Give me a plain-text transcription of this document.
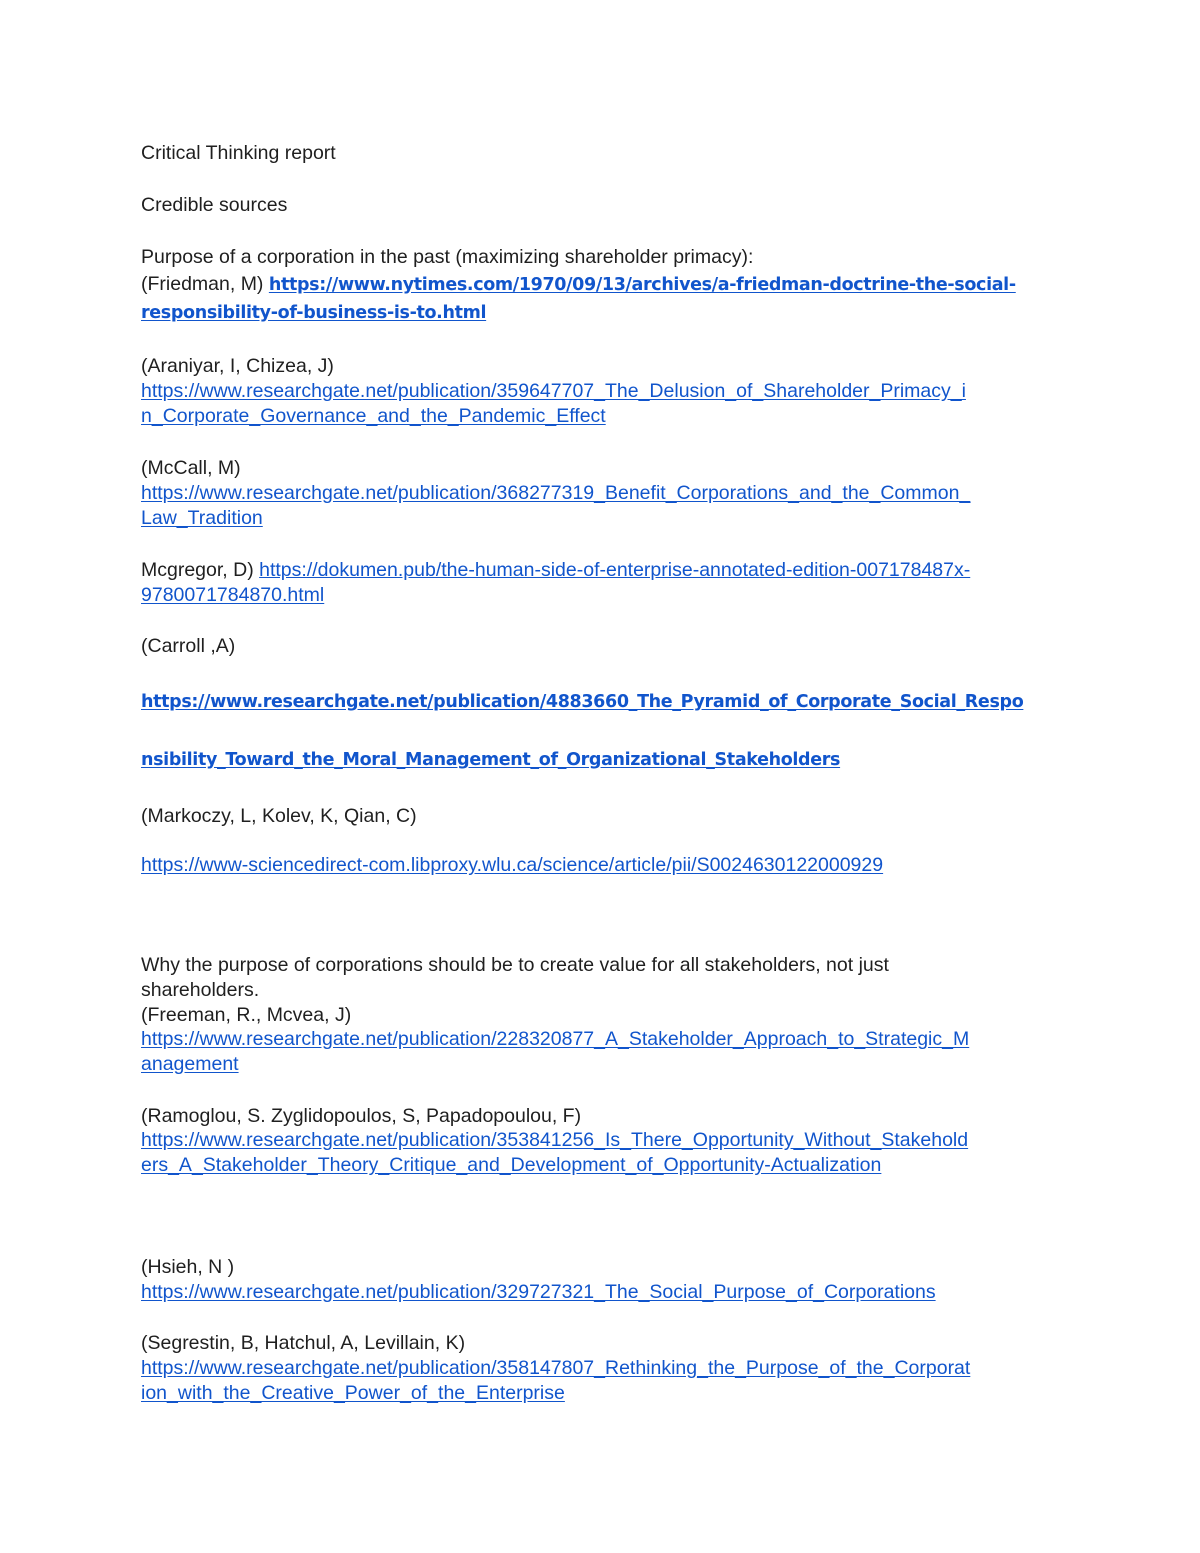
Critical Thinking report
Credible sources
Purpose of a corporation in the past (maximizing shareholder primacy):
(Friedman, M) https://www.nytimes.com/1970/09/13/archives/a-friedman-doctrine-the-social-
responsibility-of-business-is-to.html
(Araniyar, I, Chizea, J)
https://www.researchgate.net/publication/359647707_The_Delusion_of_Shareholder_Primacy_i
n_Corporate_Governance_and_the_Pandemic_Effect
(McCall, M)
https://www.researchgate.net/publication/368277319_Benefit_Corporations_and_the_Common_
Law_Tradition
Mcgregor, D) https://dokumen.pub/the-human-side-of-enterprise-annotated-edition-007178487x-
9780071784870.html
(Carroll ,A)
https://www.researchgate.net/publication/4883660_The_Pyramid_of_Corporate_Social_Respo
nsibility_Toward_the_Moral_Management_of_Organizational_Stakeholders
(Markoczy, L, Kolev, K, Qian, C)
https://www-sciencedirect-com.libproxy.wlu.ca/science/article/pii/S0024630122000929
Why the purpose of corporations should be to create value for all stakeholders, not just
shareholders.
(Freeman, R., Mcvea, J)
https://www.researchgate.net/publication/228320877_A_Stakeholder_Approach_to_Strategic_M
anagement
(Ramoglou, S. Zyglidopoulos, S, Papadopoulou, F)
https://www.researchgate.net/publication/353841256_Is_There_Opportunity_Without_Stakehold
ers_A_Stakeholder_Theory_Critique_and_Development_of_Opportunity-Actualization
(Hsieh, N )
https://www.researchgate.net/publication/329727321_The_Social_Purpose_of_Corporations
(Segrestin, B, Hatchul, A, Levillain, K)
https://www.researchgate.net/publication/358147807_Rethinking_the_Purpose_of_the_Corporat
ion_with_the_Creative_Power_of_the_Enterprise
